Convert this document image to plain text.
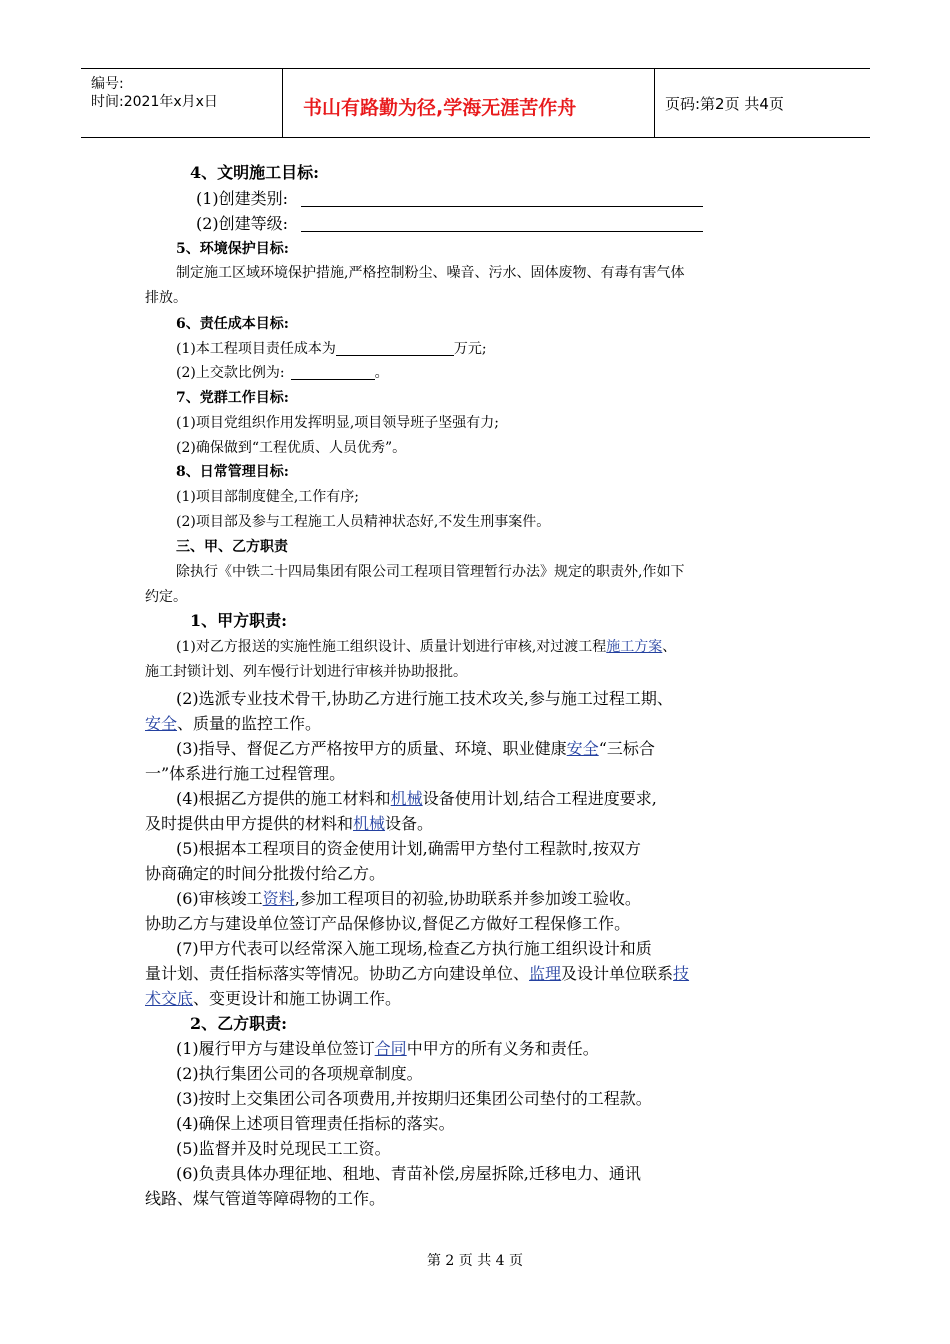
编号:
时间:2021年x月x日	书山有路勤为径,学海无涯苦作舟	页码:第2页 共4页
4、文明施工目标:
(1)创建类别:
(2)创建等级:
5、环境保护目标:
制定施工区域环境保护措施,严格控制粉尘、噪音、污水、固体废物、有毒有害气体
排放。
6、责任成本目标:
(1)本工程项目责任成本为	万元;
(2)上交款比例为:	。
7、党群工作目标:
(1)项目党组织作用发挥明显,项目领导班子坚强有力;
(2)确保做到“工程优质、人员优秀”。
8、日常管理目标:
(1)项目部制度健全,工作有序;
(2)项目部及参与工程施工人员精神状态好,不发生刑事案件。
三、甲、乙方职责
除执行《中铁二十四局集团有限公司工程项目管理暂行办法》规定的职责外,作如下
约定。
1、甲方职责:
(1)对乙方报送的实施性施工组织设计、质量计划进行审核,对过渡工程施工方案、
施工封锁计划、列车慢行计划进行审核并协助报批。
(2)选派专业技术骨干,协助乙方进行施工技术攻关,参与施工过程工期、
安全、质量的监控工作。
(3)指导、督促乙方严格按甲方的质量、环境、职业健康安全“三标合
一”体系进行施工过程管理。
(4)根据乙方提供的施工材料和机械设备使用计划,结合工程进度要求,
及时提供由甲方提供的材料和机械设备。
(5)根据本工程项目的资金使用计划,确需甲方垫付工程款时,按双方
协商确定的时间分批拨付给乙方。
(6)审核竣工资料,参加工程项目的初验,协助联系并参加竣工验收。
协助乙方与建设单位签订产品保修协议,督促乙方做好工程保修工作。
(7)甲方代表可以经常深入施工现场,检查乙方执行施工组织设计和质
量计划、责任指标落实等情况。协助乙方向建设单位、监理及设计单位联系技
术交底、变更设计和施工协调工作。
2、乙方职责:
(1)履行甲方与建设单位签订合同中甲方的所有义务和责任。
(2)执行集团公司的各项规章制度。
(3)按时上交集团公司各项费用,并按期归还集团公司垫付的工程款。
(4)确保上述项目管理责任指标的落实。
(5)监督并及时兑现民工工资。
(6)负责具体办理征地、租地、青苗补偿,房屋拆除,迁移电力、通讯
线路、煤气管道等障碍物的工作。
第 2 页 共 4 页
